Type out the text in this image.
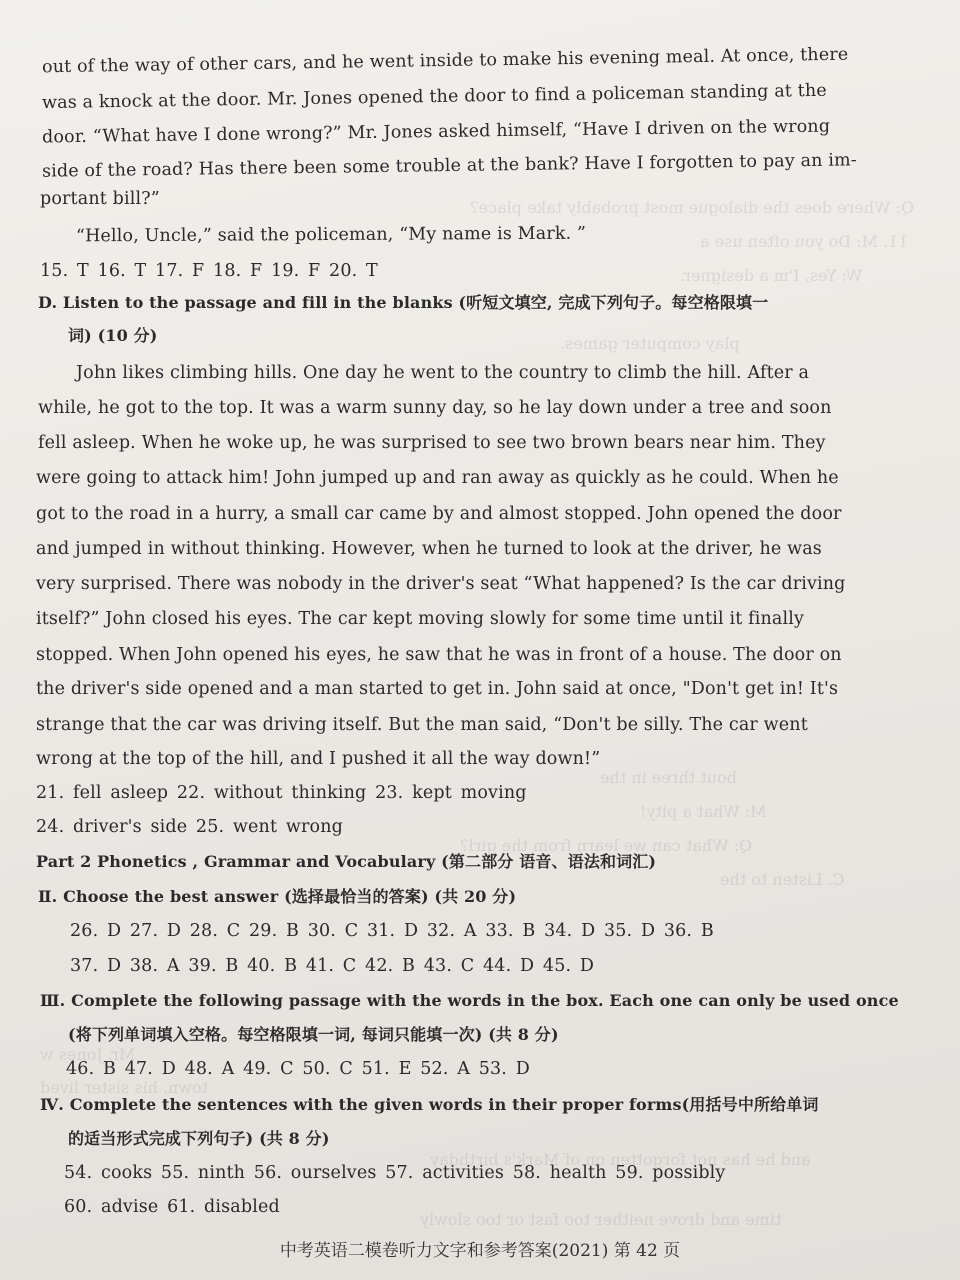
Q: Where does the dialogue most probably take place?
11. M: Do you often use a
W: Yes, I'm a designer.
play computer games.
bout three in the
M: What a pity!
Q: What can we learn from the girl?
C. Listen to the
Mr. Jones w
town, his sister lived
and he has not forgotten on of Mark's birthday
time and drove neither too fast or too slowly
out of the way of other cars, and he went inside to make his evening meal. At once, there
was a knock at the door. Mr. Jones opened the door to find a policeman standing at the
door. “What have I done wrong?” Mr. Jones asked himself, “Have I driven on the wrong
side of the road? Has there been some trouble at the bank? Have I forgotten to pay an im-
portant bill?”
“Hello, Uncle,” said the policeman, “My name is Mark. ”
15. T 16. T 17. F 18. F 19. F 20. T
D. Listen to the passage and fill in the blanks (听短文填空, 完成下列句子。每空格限填一
词) (10 分)
John likes climbing hills. One day he went to the country to climb the hill. After a
while, he got to the top. It was a warm sunny day, so he lay down under a tree and soon
fell asleep. When he woke up, he was surprised to see two brown bears near him. They
were going to attack him! John jumped up and ran away as quickly as he could. When he
got to the road in a hurry, a small car came by and almost stopped. John opened the door
and jumped in without thinking. However, when he turned to look at the driver, he was
very surprised. There was nobody in the driver's seat “What happened? Is the car driving
itself?” John closed his eyes. The car kept moving slowly for some time until it finally
stopped. When John opened his eyes, he saw that he was in front of a house. The door on
the driver's side opened and a man started to get in. John said at once, "Don't get in! It's
strange that the car was driving itself. But the man said, “Don't be silly. The car went
wrong at the top of the hill, and I pushed it all the way down!”
21. fell asleep 22. without thinking 23. kept moving
24. driver's side 25. went wrong
Part 2 Phonetics , Grammar and Vocabulary (第二部分 语音、语法和词汇)
Ⅱ. Choose the best answer (选择最恰当的答案) (共 20 分)
26. D 27. D 28. C 29. B 30. C 31. D 32. A 33. B 34. D 35. D 36. B
37. D 38. A 39. B 40. B 41. C 42. B 43. C 44. D 45. D
Ⅲ. Complete the following passage with the words in the box. Each one can only be used once
(将下列单词填入空格。每空格限填一词, 每词只能填一次) (共 8 分)
46. B 47. D 48. A 49. C 50. C 51. E 52. A 53. D
Ⅳ. Complete the sentences with the given words in their proper forms(用括号中所给单词
的适当形式完成下列句子) (共 8 分)
54. cooks 55. ninth 56. ourselves 57. activities 58. health 59. possibly
60. advise 61. disabled
中考英语二模卷听力文字和参考答案(2021) 第 42 页
